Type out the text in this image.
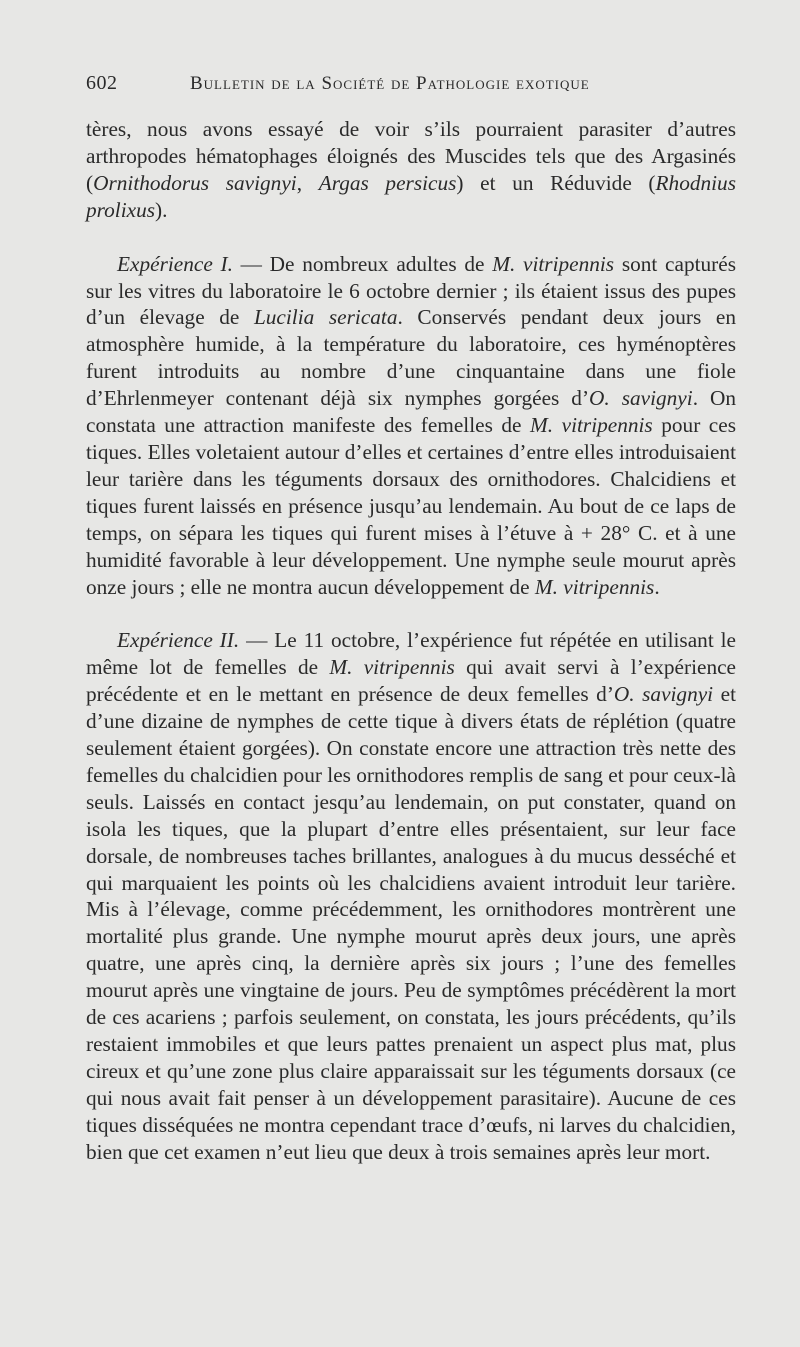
602	Bulletin de la Société de Pathologie exotique

tères, nous avons essayé de voir s’ils pourraient parasiter d’autres arthropodes hématophages éloignés des Muscides tels que des Argasinés (Ornithodorus savignyi, Argas persicus) et un Réduvide (Rhodnius prolixus).

Expérience I. — De nombreux adultes de M. vitripennis sont capturés sur les vitres du laboratoire le 6 octobre dernier ; ils étaient issus des pupes d’un élevage de Lucilia sericata. Conservés pendant deux jours en atmosphère humide, à la température du laboratoire, ces hyménoptères furent introduits au nombre d’une cinquantaine dans une fiole d’Ehrlenmeyer contenant déjà six nymphes gorgées d’O. savignyi. On constata une attraction manifeste des femelles de M. vitripennis pour ces tiques. Elles voletaient autour d’elles et certaines d’entre elles introduisaient leur tarière dans les téguments dorsaux des ornithodores. Chalcidiens et tiques furent laissés en présence jusqu’au lendemain. Au bout de ce laps de temps, on sépara les tiques qui furent mises à l’étuve à + 28° C. et à une humidité favorable à leur développement. Une nymphe seule mourut après onze jours ; elle ne montra aucun développement de M. vitripennis.

Expérience II. — Le 11 octobre, l’expérience fut répétée en utilisant le même lot de femelles de M. vitripennis qui avait servi à l’expérience précédente et en le mettant en présence de deux femelles d’O. savignyi et d’une dizaine de nymphes de cette tique à divers états de réplétion (quatre seulement étaient gorgées). On constate encore une attraction très nette des femelles du chalcidien pour les ornithodores remplis de sang et pour ceux-là seuls. Laissés en contact jesqu’au lendemain, on put constater, quand on isola les tiques, que la plupart d’entre elles présentaient, sur leur face dorsale, de nombreuses taches brillantes, analogues à du mucus desséché et qui marquaient les points où les chalcidiens avaient introduit leur tarière. Mis à l’élevage, comme précédemment, les ornithodores montrèrent une mortalité plus grande. Une nymphe mourut après deux jours, une après quatre, une après cinq, la dernière après six jours ; l’une des femelles mourut après une vingtaine de jours. Peu de symptômes précédèrent la mort de ces acariens ; parfois seulement, on constata, les jours précédents, qu’ils restaient immobiles et que leurs pattes prenaient un aspect plus mat, plus cireux et qu’une zone plus claire apparaissait sur les téguments dorsaux (ce qui nous avait fait penser à un développement parasitaire). Aucune de ces tiques disséquées ne montra cependant trace d’œufs, ni larves du chalcidien, bien que cet examen n’eut lieu que deux à trois semaines après leur mort.
